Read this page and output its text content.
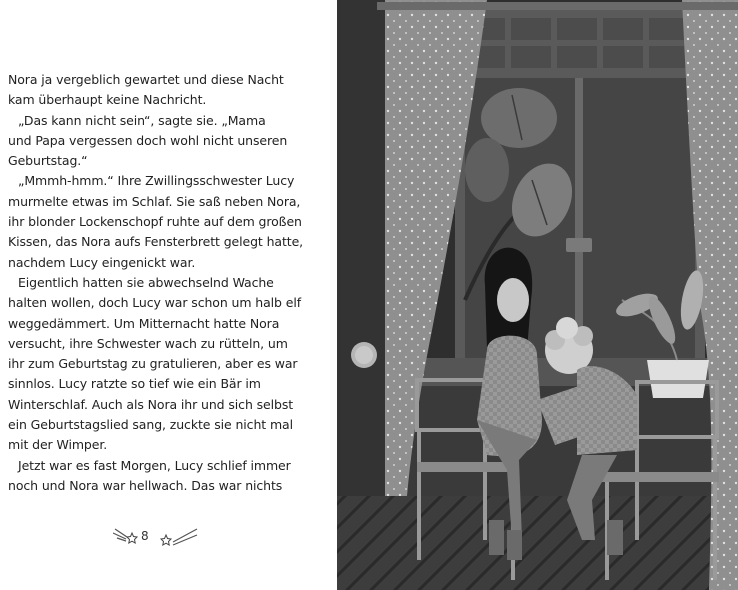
Nora ja vergeblich gewartet und diese Nacht
kam überhaupt keine Nachricht.
„Das kann nicht sein“, sagte sie. „Mama
und Papa vergessen doch wohl nicht unseren
Geburtstag.“
„Mmmh-hmm.“ Ihre Zwillingsschwester Lucy
murmelte etwas im Schlaf. Sie saß neben Nora,
ihr blonder Lockenschopf ruhte auf dem großen
Kissen, das Nora aufs Fensterbrett gelegt hatte,
nachdem Lucy eingenickt war.
Eigentlich hatten sie abwechselnd Wache
halten wollen, doch Lucy war schon um halb elf
weggedämmert. Um Mitternacht hatte Nora
versucht, ihre Schwester wach zu rütteln, um
ihr zum Geburtstag zu gratulieren, aber es war
sinnlos. Lucy ratzte so tief wie ein Bär im
Winterschlaf. Auch als Nora ihr und sich selbst
ein Geburtstagslied sang, zuckte sie nicht mal
mit der Wimper.
Jetzt war es fast Morgen, Lucy schlief immer
noch und Nora war hellwach. Das war nichts
8
